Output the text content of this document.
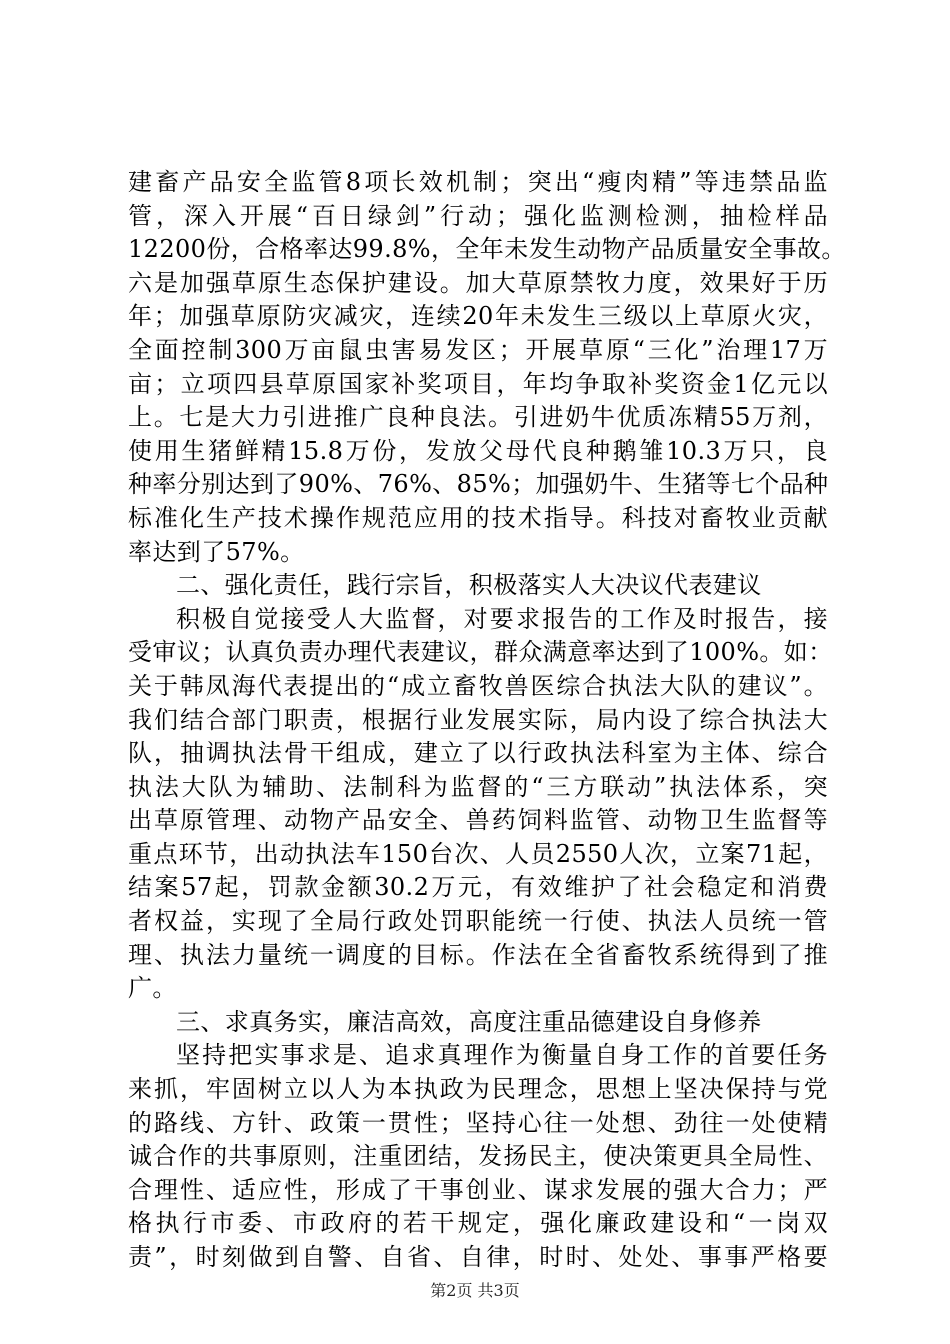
建畜产品安全监管8项长效机制；突出“瘦肉精”等违禁品监
管，深入开展“百日绿剑”行动；强化监测检测，抽检样品
12200份，合格率达99.8%，全年未发生动物产品质量安全事故。
六是加强草原生态保护建设。加大草原禁牧力度，效果好于历
年；加强草原防灾减灾，连续20年未发生三级以上草原火灾，
全面控制300万亩鼠虫害易发区；开展草原“三化”治理17万
亩；立项四县草原国家补奖项目，年均争取补奖资金1亿元以
上。七是大力引进推广良种良法。引进奶牛优质冻精55万剂，
使用生猪鲜精15.8万份，发放父母代良种鹅雏10.3万只，良
种率分别达到了90%、76%、85%；加强奶牛、生猪等七个品种
标准化生产技术操作规范应用的技术指导。科技对畜牧业贡献
率达到了57%。
二、强化责任，践行宗旨，积极落实人大决议代表建议
积极自觉接受人大监督，对要求报告的工作及时报告，接
受审议；认真负责办理代表建议，群众满意率达到了100%。如：
关于韩凤海代表提出的“成立畜牧兽医综合执法大队的建议”。
我们结合部门职责，根据行业发展实际，局内设了综合执法大
队，抽调执法骨干组成，建立了以行政执法科室为主体、综合
执法大队为辅助、法制科为监督的“三方联动”执法体系，突
出草原管理、动物产品安全、兽药饲料监管、动物卫生监督等
重点环节，出动执法车150台次、人员2550人次，立案71起，
结案57起，罚款金额30.2万元，有效维护了社会稳定和消费
者权益，实现了全局行政处罚职能统一行使、执法人员统一管
理、执法力量统一调度的目标。作法在全省畜牧系统得到了推
广。
三、求真务实，廉洁高效，高度注重品德建设自身修养
坚持把实事求是、追求真理作为衡量自身工作的首要任务
来抓，牢固树立以人为本执政为民理念，思想上坚决保持与党
的路线、方针、政策一贯性；坚持心往一处想、劲往一处使精
诚合作的共事原则，注重团结，发扬民主，使决策更具全局性、
合理性、适应性，形成了干事创业、谋求发展的强大合力；严
格执行市委、市政府的若干规定，强化廉政建设和“一岗双
责”，时刻做到自警、自省、自律，时时、处处、事事严格要
第2页 共3页
